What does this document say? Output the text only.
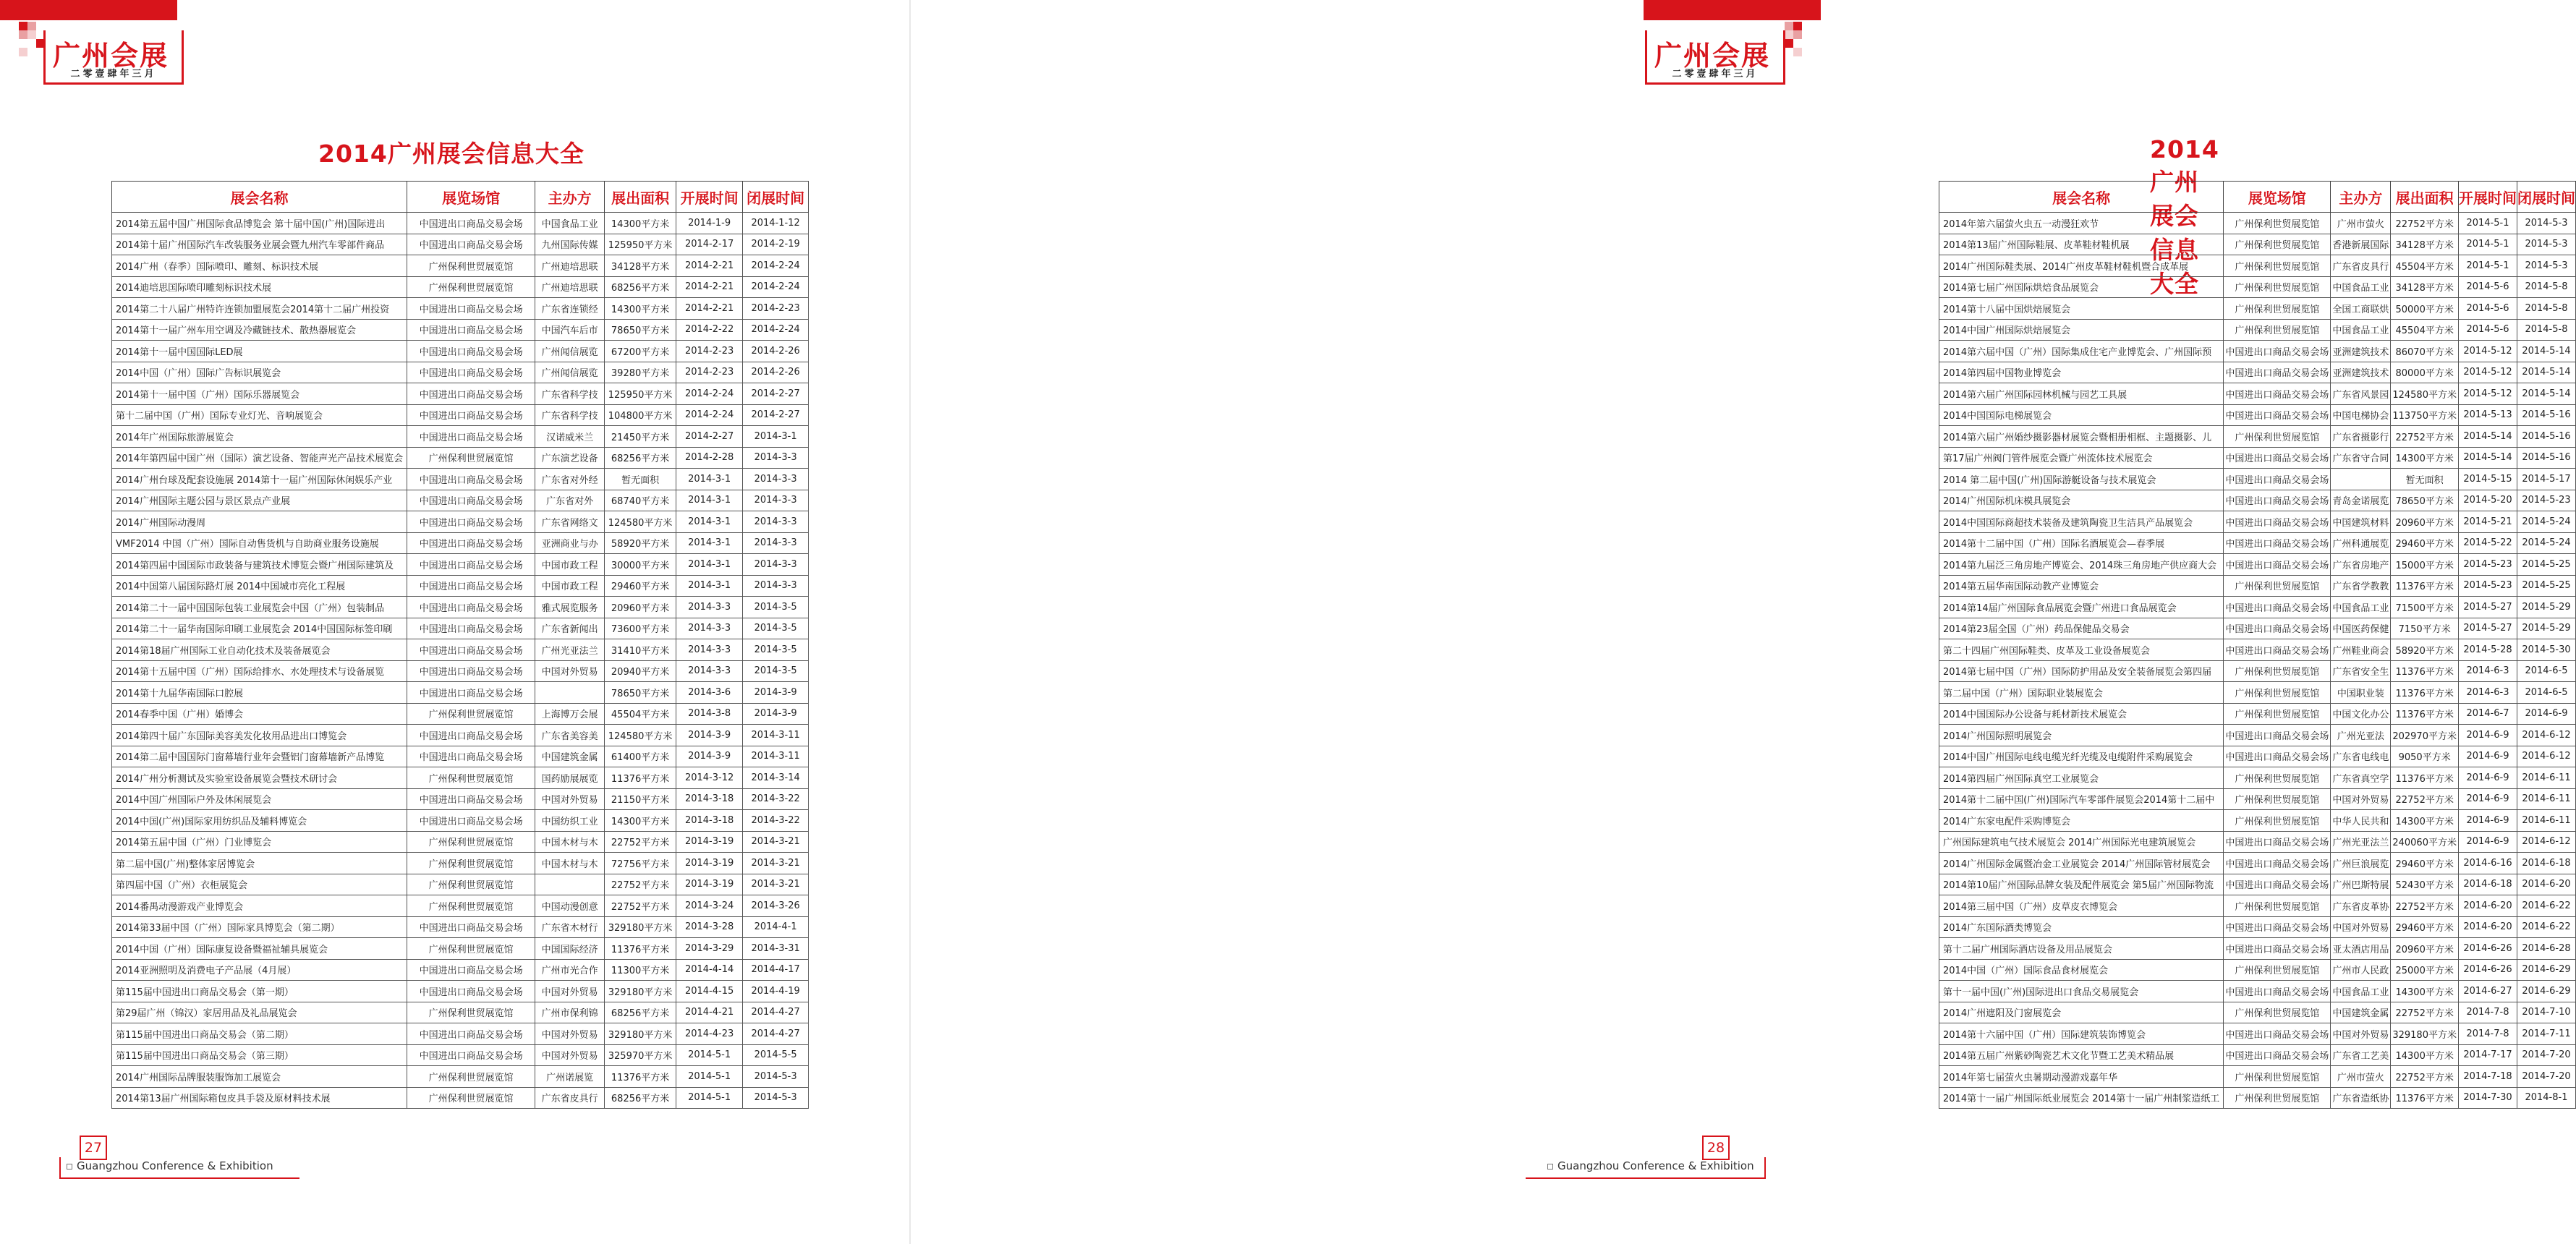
广州会展
二零壹肆年三月
2014广州展会信息大全
展会名称	展览场馆	主办方	展出面积	开展时间	闭展时间
2014第五届中国广州国际食品博览会 第十届中国(广州)国际进出	中国进出口商品交易会场	中国食品工业	14300平方米	2014-1-9	2014-1-12
2014第十届广州国际汽车改装服务业展会暨九州汽车零部件商品	中国进出口商品交易会场	九州国际传媒	125950平方米	2014-2-17	2014-2-19
2014广州（春季）国际喷印、雕刻、标识技术展	广州保利世贸展览馆	广州迪培思联	34128平方米	2014-2-21	2014-2-24
2014迪培思国际喷印雕刻标识技术展	广州保利世贸展览馆	广州迪培思联	68256平方米	2014-2-21	2014-2-24
2014第二十八届广州特许连锁加盟展览会2014第十二届广州投资	中国进出口商品交易会场	广东省连锁经	14300平方米	2014-2-21	2014-2-23
2014第十一届广州车用空调及冷藏链技术、散热器展览会	中国进出口商品交易会场	中国汽车后市	78650平方米	2014-2-22	2014-2-24
2014第十一届中国国际LED展	中国进出口商品交易会场	广州闻信展览	67200平方米	2014-2-23	2014-2-26
2014中国（广州）国际广告标识展览会	中国进出口商品交易会场	广州闻信展览	39280平方米	2014-2-23	2014-2-26
2014第十一届中国（广州）国际乐器展览会	中国进出口商品交易会场	广东省科学技	125950平方米	2014-2-24	2014-2-27
第十二届中国（广州）国际专业灯光、音响展览会	中国进出口商品交易会场	广东省科学技	104800平方米	2014-2-24	2014-2-27
2014年广州国际旅游展览会	中国进出口商品交易会场	汉诺威米兰	21450平方米	2014-2-27	2014-3-1
2014年第四届中国广州（国际）演艺设备、智能声光产品技术展览会	广州保利世贸展览馆	广东演艺设备	68256平方米	2014-2-28	2014-3-3
2014广州台球及配套设施展 2014第十一届广州国际休闲娱乐产业	中国进出口商品交易会场	广东省对外经	暂无面积	2014-3-1	2014-3-3
2014广州国际主题公园与景区景点产业展	中国进出口商品交易会场	广东省对外	68740平方米	2014-3-1	2014-3-3
2014广州国际动漫周	中国进出口商品交易会场	广东省网络文	124580平方米	2014-3-1	2014-3-3
VMF2014 中国（广州）国际自动售货机与自助商业服务设施展	中国进出口商品交易会场	亚洲商业与办	58920平方米	2014-3-1	2014-3-3
2014第四届中国国际市政装备与建筑技术博览会暨广州国际建筑及	中国进出口商品交易会场	中国市政工程	30000平方米	2014-3-1	2014-3-3
2014中国第八届国际路灯展 2014中国城市亮化工程展	中国进出口商品交易会场	中国市政工程	29460平方米	2014-3-1	2014-3-3
2014第二十一届中国国际包装工业展览会中国（广州）包装制品	中国进出口商品交易会场	雅式展览服务	20960平方米	2014-3-3	2014-3-5
2014第二十一届华南国际印刷工业展览会 2014中国国际标签印刷	中国进出口商品交易会场	广东省新闻出	73600平方米	2014-3-3	2014-3-5
2014第18届广州国际工业自动化技术及装备展览会	中国进出口商品交易会场	广州光亚法兰	31410平方米	2014-3-3	2014-3-5
2014第十五届中国（广州）国际给排水、水处理技术与设备展览	中国进出口商品交易会场	中国对外贸易	20940平方米	2014-3-3	2014-3-5
2014第十九届华南国际口腔展	中国进出口商品交易会场		78650平方米	2014-3-6	2014-3-9
2014春季中国（广州）婚博会	广州保利世贸展览馆	上海博万会展	45504平方米	2014-3-8	2014-3-9
2014第四十届广东国际美容美发化妆用品进出口博览会	中国进出口商品交易会场	广东省美容美	124580平方米	2014-3-9	2014-3-11
2014第二届中国国际门窗幕墙行业年会暨铝门窗幕墙新产品博览	中国进出口商品交易会场	中国建筑金属	61400平方米	2014-3-9	2014-3-11
2014广州分析测试及实验室设备展览会暨技术研讨会	广州保利世贸展览馆	国药励展展览	11376平方米	2014-3-12	2014-3-14
2014中国广州国际户外及休闲展览会	中国进出口商品交易会场	中国对外贸易	21150平方米	2014-3-18	2014-3-22
2014中国(广州)国际家用纺织品及辅料博览会	中国进出口商品交易会场	中国纺织工业	14300平方米	2014-3-18	2014-3-22
2014第五届中国（广州）门业博览会	广州保利世贸展览馆	中国木材与木	22752平方米	2014-3-19	2014-3-21
第二届中国(广州)整体家居博览会	广州保利世贸展览馆	中国木材与木	72756平方米	2014-3-19	2014-3-21
第四届中国（广州）衣柜展览会	广州保利世贸展览馆		22752平方米	2014-3-19	2014-3-21
2014番禺动漫游戏产业博览会	广州保利世贸展览馆	中国动漫创意	22752平方米	2014-3-24	2014-3-26
2014第33届中国（广州）国际家具博览会（第二期）	中国进出口商品交易会场	广东省木材行	329180平方米	2014-3-28	2014-4-1
2014中国（广州）国际康复设备暨福祉辅具展览会	广州保利世贸展览馆	中国国际经济	11376平方米	2014-3-29	2014-3-31
2014亚洲照明及消费电子产品展（4月展）	中国进出口商品交易会场	广州市光合作	11300平方米	2014-4-14	2014-4-17
第115届中国进出口商品交易会（第一期）	中国进出口商品交易会场	中国对外贸易	329180平方米	2014-4-15	2014-4-19
第29届广州（锦汉）家居用品及礼品展览会	广州保利世贸展览馆	广州市保利锦	68256平方米	2014-4-21	2014-4-27
第115届中国进出口商品交易会（第二期）	中国进出口商品交易会场	中国对外贸易	329180平方米	2014-4-23	2014-4-27
第115届中国进出口商品交易会（第三期）	中国进出口商品交易会场	中国对外贸易	325970平方米	2014-5-1	2014-5-5
2014广州国际品牌服装服饰加工展览会	广州保利世贸展览馆	广州诺展览	11376平方米	2014-5-1	2014-5-3
2014第13届广州国际箱包皮具手袋及原材料技术展	广州保利世贸展览馆	广东省皮具行	68256平方米	2014-5-1	2014-5-3
27
Guangzhou Conference & Exhibition
广州会展
二零壹肆年三月
2014广州展会信息大全
展会名称	展览场馆	主办方	展出面积	开展时间	闭展时间
2014年第六届萤火虫五一动漫狂欢节	广州保利世贸展览馆	广州市萤火	22752平方米	2014-5-1	2014-5-3
2014第13届广州国际鞋展、皮革鞋材鞋机展	广州保利世贸展览馆	香港新展国际	34128平方米	2014-5-1	2014-5-3
2014广州国际鞋类展、2014广州皮革鞋材鞋机暨合成革展	广州保利世贸展览馆	广东省皮具行	45504平方米	2014-5-1	2014-5-3
2014第七届广州国际烘焙食品展览会	广州保利世贸展览馆	中国食品工业	34128平方米	2014-5-6	2014-5-8
2014第十八届中国烘焙展览会	广州保利世贸展览馆	全国工商联烘	50000平方米	2014-5-6	2014-5-8
2014中国广州国际烘焙展览会	广州保利世贸展览馆	中国食品工业	45504平方米	2014-5-6	2014-5-8
2014第六届中国（广州）国际集成住宅产业博览会、广州国际预	中国进出口商品交易会场	亚洲建筑技术	86070平方米	2014-5-12	2014-5-14
2014第四届中国物业博览会	中国进出口商品交易会场	亚洲建筑技术	80000平方米	2014-5-12	2014-5-14
2014第六届广州国际园林机械与园艺工具展	中国进出口商品交易会场	广东省风景园	124580平方米	2014-5-12	2014-5-14
2014中国国际电梯展览会	中国进出口商品交易会场	中国电梯协会	113750平方米	2014-5-13	2014-5-16
2014第六届广州婚纱摄影器材展览会暨相册相框、主题摄影、儿	广州保利世贸展览馆	广东省摄影行	22752平方米	2014-5-14	2014-5-16
第17届广州阀门管件展览会暨广州流体技术展览会	中国进出口商品交易会场	广东省守合同	14300平方米	2014-5-14	2014-5-16
2014 第二届中国(广州)国际游艇设备与技术展览会	中国进出口商品交易会场		暂无面积	2014-5-15	2014-5-17
2014广州国际机床模具展览会	中国进出口商品交易会场	青岛金诺展览	78650平方米	2014-5-20	2014-5-23
2014中国国际商超技术装备及建筑陶瓷卫生洁具产品展览会	中国进出口商品交易会场	中国建筑材料	20960平方米	2014-5-21	2014-5-24
2014第十二届中国（广州）国际名酒展览会—春季展	中国进出口商品交易会场	广州科通展览	29460平方米	2014-5-22	2014-5-24
2014第九届泛三角房地产博览会、2014珠三角房地产供应商大会	中国进出口商品交易会场	广东省房地产	15000平方米	2014-5-23	2014-5-25
2014第五届华南国际动教产业博览会	广州保利世贸展览馆	广东省学教教	11376平方米	2014-5-23	2014-5-25
2014第14届广州国际食品展览会暨广州进口食品展览会	中国进出口商品交易会场	中国食品工业	71500平方米	2014-5-27	2014-5-29
2014第23届全国（广州）药品保健品交易会	中国进出口商品交易会场	中国医药保健	7150平方米	2014-5-27	2014-5-29
第二十四届广州国际鞋类、皮革及工业设备展览会	中国进出口商品交易会场	广州鞋业商会	58920平方米	2014-5-28	2014-5-30
2014第七届中国（广州）国际防护用品及安全装备展览会第四届	广州保利世贸展览馆	广东省安全生	11376平方米	2014-6-3	2014-6-5
第二届中国（广州）国际职业装展览会	广州保利世贸展览馆	中国职业装	11376平方米	2014-6-3	2014-6-5
2014中国国际办公设备与耗材新技术展览会	广州保利世贸展览馆	中国文化办公	11376平方米	2014-6-7	2014-6-9
2014广州国际照明展览会	中国进出口商品交易会场	广州光亚法	202970平方米	2014-6-9	2014-6-12
2014中国广州国际电线电缆光纤光缆及电缆附件采购展览会	中国进出口商品交易会场	广东省电线电	9050平方米	2014-6-9	2014-6-12
2014第四届广州国际真空工业展览会	广州保利世贸展览馆	广东省真空学	11376平方米	2014-6-9	2014-6-11
2014第十二届中国(广州)国际汽车零部件展览会2014第十二届中	广州保利世贸展览馆	中国对外贸易	22752平方米	2014-6-9	2014-6-11
2014广东家电配件采购博览会	广州保利世贸展览馆	中华人民共和	14300平方米	2014-6-9	2014-6-11
广州国际建筑电气技术展览会 2014广州国际光电建筑展览会	中国进出口商品交易会场	广州光亚法兰	240060平方米	2014-6-9	2014-6-12
2014广州国际金属暨冶金工业展览会 2014广州国际管材展览会	中国进出口商品交易会场	广州巨浪展览	29460平方米	2014-6-16	2014-6-18
2014第10届广州国际品牌女装及配件展览会 第5届广州国际物流	中国进出口商品交易会场	广州巴斯特展	52430平方米	2014-6-18	2014-6-20
2014第三届中国（广州）皮草皮衣博览会	广州保利世贸展览馆	广东省皮革协	22752平方米	2014-6-20	2014-6-22
2014广东国际酒类博览会	中国进出口商品交易会场	中国对外贸易	29460平方米	2014-6-20	2014-6-22
第十二届广州国际酒店设备及用品展览会	中国进出口商品交易会场	亚太酒店用品	20960平方米	2014-6-26	2014-6-28
2014中国（广州）国际食品食材展览会	广州保利世贸展览馆	广州市人民政	25000平方米	2014-6-26	2014-6-29
第十一届中国(广州)国际进出口食品交易展览会	中国进出口商品交易会场	中国食品工业	14300平方米	2014-6-27	2014-6-29
2014广州遮阳及门窗展览会	广州保利世贸展览馆	中国建筑金属	22752平方米	2014-7-8	2014-7-10
2014第十六届中国（广州）国际建筑装饰博览会	中国进出口商品交易会场	中国对外贸易	329180平方米	2014-7-8	2014-7-11
2014第五届广州紫砂陶瓷艺术文化节暨工艺美术精品展	中国进出口商品交易会场	广东省工艺美	14300平方米	2014-7-17	2014-7-20
2014年第七届萤火虫暑期动漫游戏嘉年华	广州保利世贸展览馆	广州市萤火	22752平方米	2014-7-18	2014-7-20
2014第十一届广州国际纸业展览会 2014第十一届广州制浆造纸工	广州保利世贸展览馆	广东省造纸协	11376平方米	2014-7-30	2014-8-1
28
Guangzhou Conference & Exhibition
